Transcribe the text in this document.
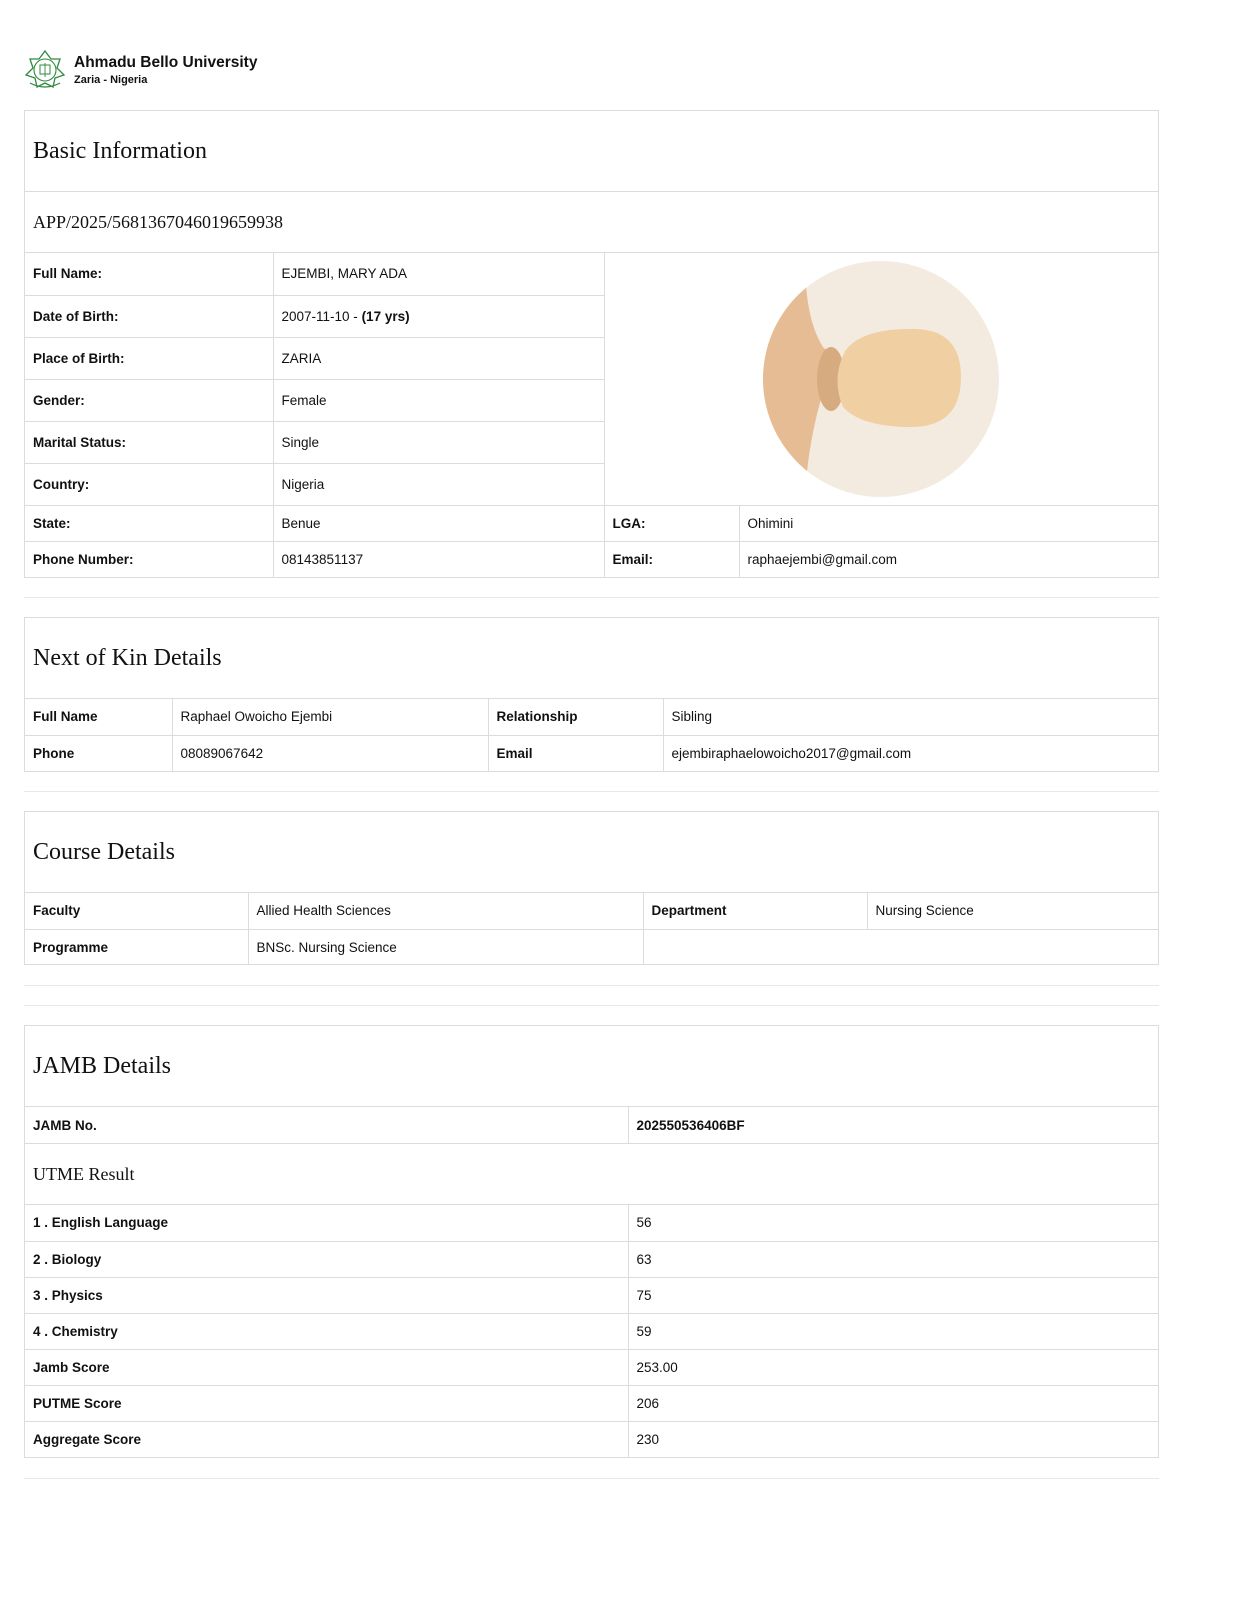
Ahmadu Bello University
Zaria - Nigeria
Basic Information
APP/2025/5681367046019659938
Full Name:	EJEMBI, MARY ADA	

Date of Birth:	2007-11-10 - (17 yrs)		
Place of Birth:	ZARIA		
Gender:	Female		
Marital Status:	Single		
Country:	Nigeria		
State:	Benue	LGA:	Ohimini
Phone Number:	08143851137	Email:	raphaejembi@gmail.com
Next of Kin Details
Full Name	Raphael Owoicho Ejembi	Relationship	Sibling
Phone	08089067642	Email	ejembiraphaelowoicho2017@gmail.com
Course Details
Faculty	Allied Health Sciences	Department	Nursing Science
Programme	BNSc. Nursing Science		
JAMB Details
JAMB No.	202550536406BF
UTME Result
1 . English Language	56
2 . Biology	63
3 . Physics	75
4 . Chemistry	59
Jamb Score	253.00
PUTME Score	206
Aggregate Score	230
